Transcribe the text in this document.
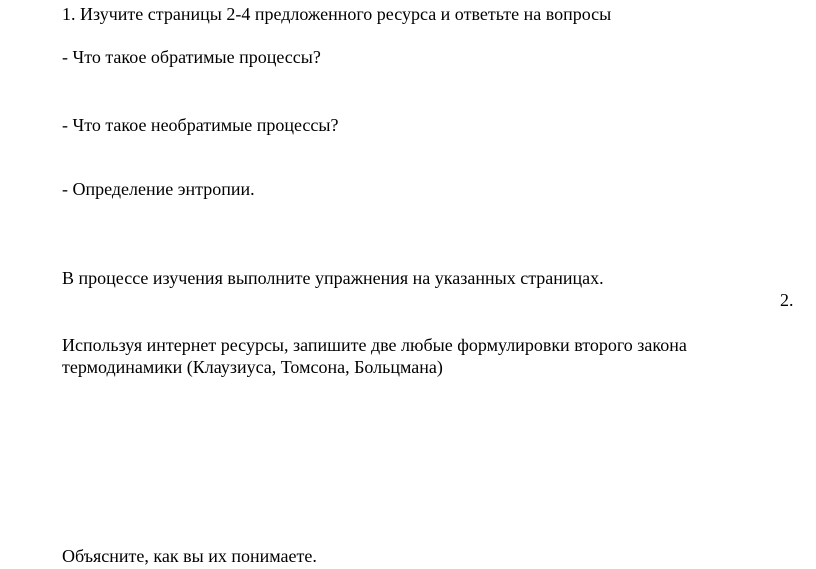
1. Изучите страницы 2-4 предложенного ресурса и ответьте на вопросы
- Что такое обратимые процессы?
- Что такое необратимые процессы?
- Определение энтропии.
В процессе изучения выполните упражнения на указанных страницах.
2.
Используя интернет ресурсы, запишите две любые формулировки второго закона
термодинамики (Клаузиуса, Томсона, Больцмана)
Объясните, как вы их понимаете.
